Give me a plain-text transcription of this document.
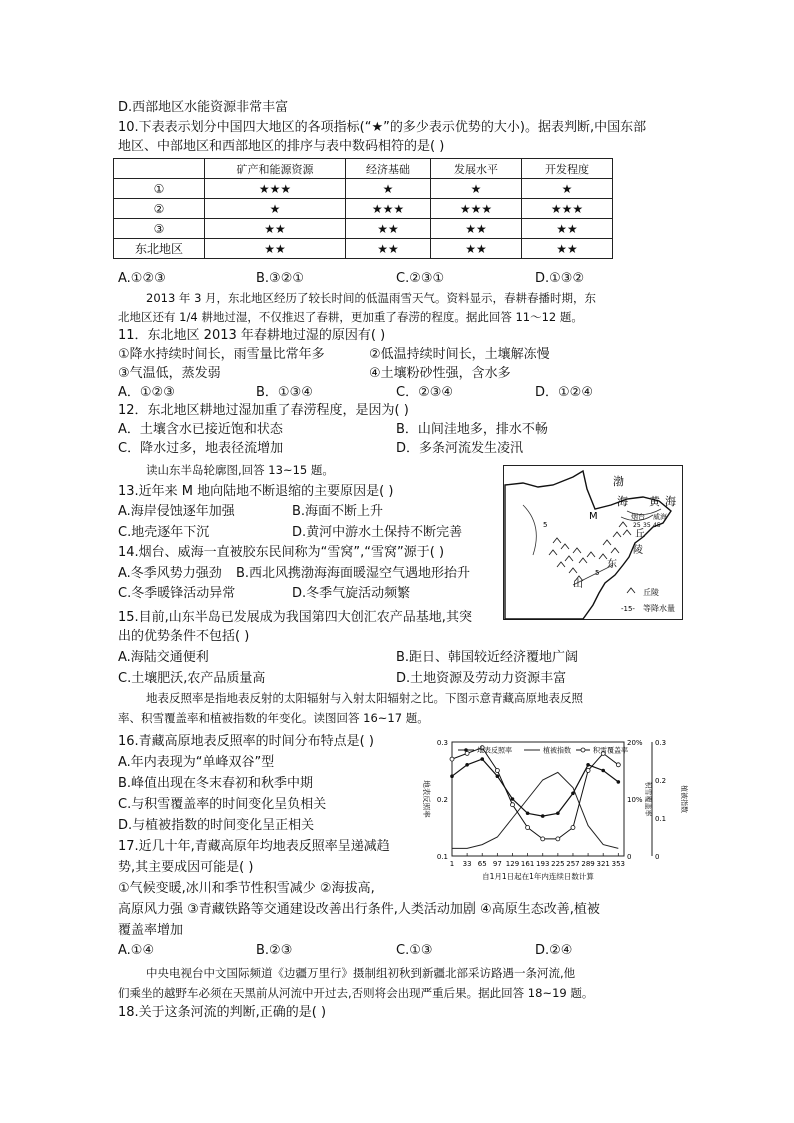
D.西部地区水能资源非常丰富
10.下表表示划分中国四大地区的各项指标(“★”的多少表示优势的大小)。据表判断,中国东部
地区、中部地区和西部地区的排序与表中数码相符的是( )
	矿产和能源资源	经济基础	发展水平	开发程度
①	★★★	★	★	★
②	★	★★★	★★★	★★★
③	★★	★★	★★	★★
东北地区	★★	★★	★★	★★
A.①②③	B.③②①	C.②③①	D.①③②
2013 年 3 月，东北地区经历了较长时间的低温雨雪天气。资料显示，春耕春播时期，东
北地区还有 1/4 耕地过湿，不仅推迟了春耕，更加重了春涝的程度。据此回答 11～12 题。
11．东北地区 2013 年春耕地过湿的原因有( )
①降水持续时间长，雨雪量比常年多	②低温持续时间长，土壤解冻慢
③气温低，蒸发弱	④土壤粉砂性强，含水多
A．①②③	B．①③④	C．②③④	D．①②④
12．东北地区耕地过湿加重了春涝程度，是因为( )
A．土壤含水已接近饱和状态	B．山间洼地多，排水不畅
C．降水过多，地表径流增加	D．多条河流发生凌汛
读山东半岛轮廓图,回答 13~15 题。
13.近年来 M 地向陆地不断退缩的主要原因是( )
A.海岸侵蚀逐年加强	B.海面不断上升
C.地壳逐年下沉	D.黄河中游水土保持不断完善
14.烟台、威海一直被胶东民间称为“雪窝”,“雪窝”源于( )
A.冬季风势力强劲 B.西北风携渤海海面暖湿空气遇地形抬升
C.冬季暖锋活动异常	D.冬季气旋活动频繁
15.目前,山东半岛已发展成为我国第四大创汇农产品基地,其突
出的优势条件不包括( )
A.海陆交通便利	B.距日、韩国较近经济覆地广阔
C.土壤肥沃,农产品质量高	D.土地资源及劳动力资源丰富
渤
海 黄 海
M	烟台 威海
丘
陵
东
山
5
5
25 35 45
丘陵
-15- 等降水量
地表反照率是指地表反射的太阳辐射与入射太阳辐射之比。下图示意青藏高原地表反照
率、积雪覆盖率和植被指数的年变化。读图回答 16~17 题。
16.青藏高原地表反照率的时间分布特点是( )
A.年内表现为“单峰双谷”型
B.峰值出现在冬末春初和秋季中期
C.与积雪覆盖率的时间变化呈负相关
D.与植被指数的时间变化呈正相关
17.近几十年,青藏高原年均地表反照率呈递减趋
势,其主要成因可能是( )
①气候变暖,冰川和季节性积雪减少 ②海拔高,
高原风力强 ③青藏铁路等交通建设改善出行条件,人类活动加剧 ④高原生态改善,植被
覆盖率增加
A.①④	B.②③	C.①③	D.②④
中央电视台中文国际频道《边疆万里行》摄制组初秋到新疆北部采访路遇一条河流,他
们乘坐的越野车必须在天黑前从河流中开过去,否则将会出现严重后果。据此回答 18~19 题。
18.关于这条河流的判断,正确的是( )
1 33 65 97 129 161 193 225 257 289 321 353
0.3
0.2
0.1
20%
10%
0
0.3
0.2
0.1
0
自1月1日起在1年内连续日数计算
地表反照率	积雪覆盖率	植被指数
地表反照率	植被指数	积雪覆盖率
